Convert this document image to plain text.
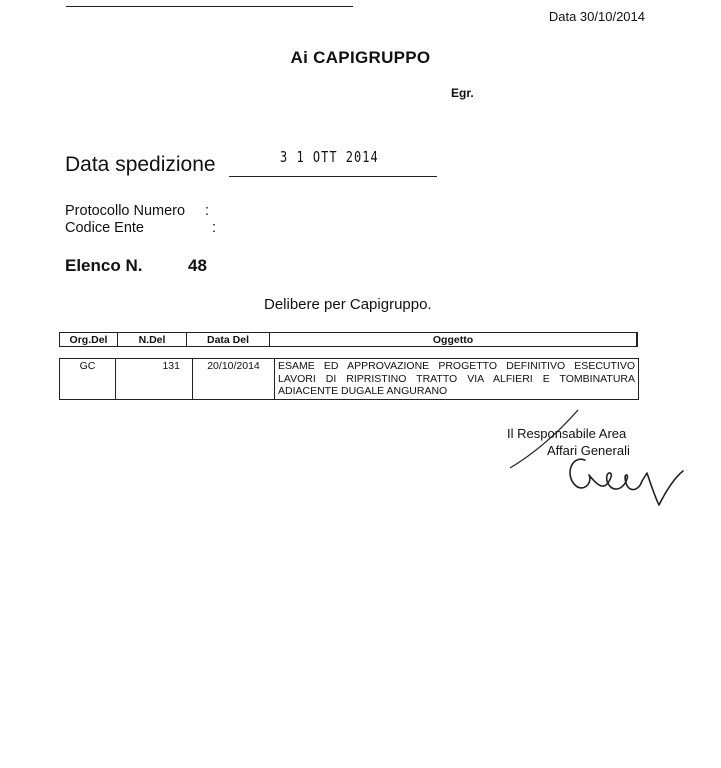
Data 30/10/2014
Ai CAPIGRUPPO
Egr.
Data spedizione	3 1 OTT 2014
Protocollo Numero :
Codice Ente	:
Elenco N.	48
Delibere per Capigruppo.
Org.Del	N.Del	Data Del	Oggetto
GC	131	20/10/2014	ESAME ED APPROVAZIONE PROGETTO DEFINITIVO ESECUTIVO LAVORI DI RIPRISTINO TRATTO VIA ALFIERI E TOMBINATURA ADIACENTE DUGALE ANGURANO
Il Responsabile Area
Affari Generali
